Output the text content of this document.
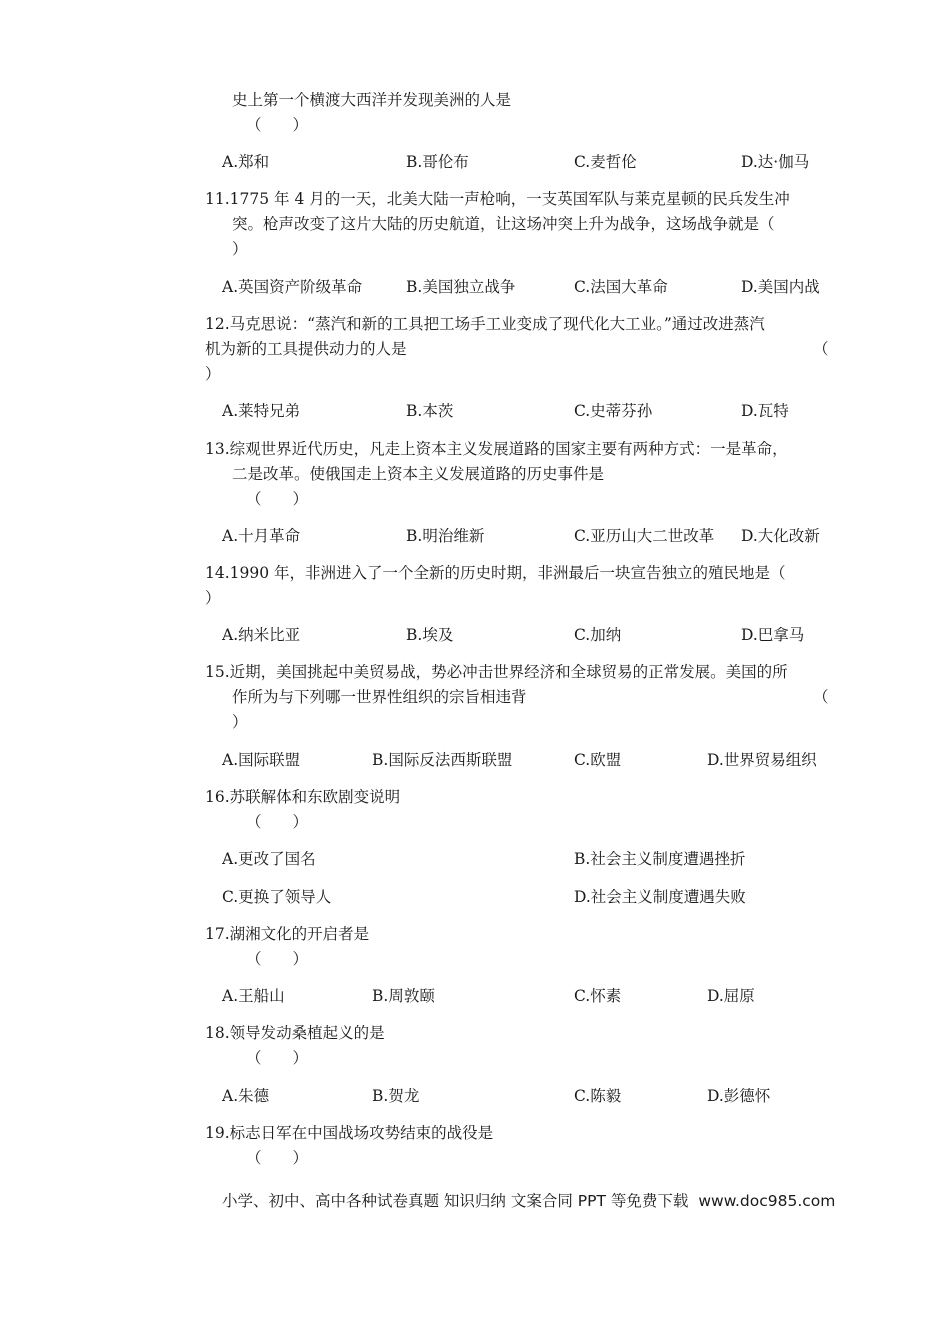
史上第一个横渡大西洋并发现美洲的人是
（　　）
A.郑和	B.哥伦布	C.麦哲伦	D.达·伽马
11.1775 年 4 月的一天，北美大陆一声枪响，一支英国军队与莱克星顿的民兵发生冲
突。枪声改变了这片大陆的历史航道，让这场冲突上升为战争，这场战争就是（
）
A.英国资产阶级革命	B.美国独立战争	C.法国大革命	D.美国内战
12.马克思说：“蒸汽和新的工具把工场手工业变成了现代化大工业。”通过改进蒸汽
机为新的工具提供动力的人是	（
）
A.莱特兄弟	B.本茨	C.史蒂芬孙	D.瓦特
13.综观世界近代历史，凡走上资本主义发展道路的国家主要有两种方式：一是革命，
二是改革。使俄国走上资本主义发展道路的历史事件是
（　　）
A.十月革命	B.明治维新	C.亚历山大二世改革 D.大化改新
14.1990 年，非洲进入了一个全新的历史时期，非洲最后一块宣告独立的殖民地是（
）
A.纳米比亚	B.埃及	C.加纳	D.巴拿马
15.近期，美国挑起中美贸易战，势必冲击世界经济和全球贸易的正常发展。美国的所
作所为与下列哪一世界性组织的宗旨相违背	（
）
A.国际联盟	B.国际反法西斯联盟	C.欧盟	D.世界贸易组织
16.苏联解体和东欧剧变说明
（　　）
A.更改了国名	B.社会主义制度遭遇挫折
C.更换了领导人	D.社会主义制度遭遇失败
17.湖湘文化的开启者是
（　　）
A.王船山	B.周敦颐	C.怀素	D.屈原
18.领导发动桑植起义的是
（　　）
A.朱德	B.贺龙	C.陈毅	D.彭德怀
19.标志日军在中国战场攻势结束的战役是
（　　）
小学、初中、高中各种试卷真题 知识归纳 文案合同 PPT 等免费下载 www.doc985.com
